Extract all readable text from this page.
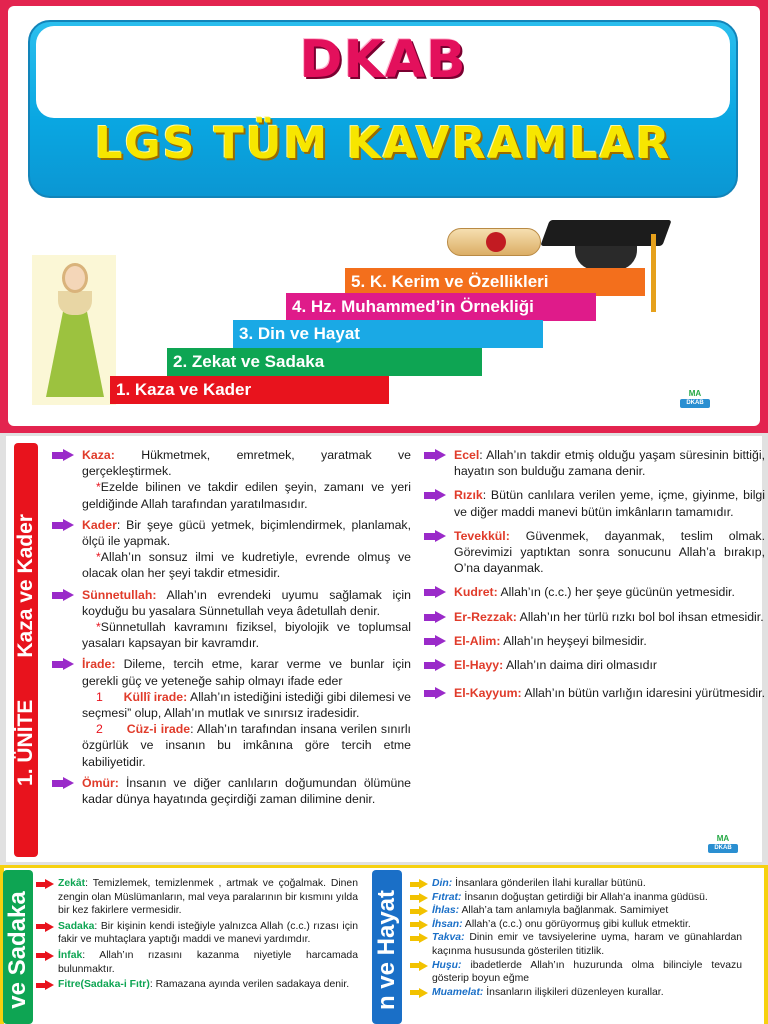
DKAB
LGS TÜM KAVRAMLAR
5. K. Kerim ve Özellikleri
4. Hz. Muhammed’in Örnekliği
3. Din ve Hayat
2. Zekat ve Sadaka
1. Kaza ve Kader	MA
DKAB
1. ÜNİTEKaza ve Kader
Kaza: Hükmetmek, emretmek, yaratmak ve gerçekleştirmek.
*Ezelde bilinen ve takdir edilen şeyin, zamanı ve yeri geldiğinde Allah tarafından yaratılmasıdır.
Kader: Bir şeye gücü yetmek, biçimlendirmek, planlamak, ölçü ile yapmak.
*Allah’ın sonsuz ilmi ve kudretiyle, evrende olmuş ve olacak olan her şeyi takdir etmesidir.
Sünnetullah: Allah’ın evrendeki uyumu sağlamak için koyduğu bu yasalara Sünnetullah veya âdetullah denir.
*Sünnetullah kavramını fiziksel, biyolojik ve toplumsal yasaları kapsayan bir kavramdır.
İrade: Dileme, tercih etme, karar verme ve bunlar için gerekli güç ve yeteneğe sahip olmayı ifade eder
1 Küllî irade: Allah’ın istediğini istediği gibi dilemesi ve seçmesi” olup, Allah’ın mutlak ve sınırsız iradesidir.
2 Cüz-i irade: Allah’ın tarafından insana verilen sınırlı özgürlük ve insanın bu imkânına göre tercih etme kabiliyetidir.
Ömür: İnsanın ve diğer canlıların doğumundan ölümüne kadar dünya hayatında geçirdiği zaman dilimine denir.
Ecel: Allah’ın takdir etmiş olduğu yaşam süresinin bittiği, hayatın son bulduğu zamana denir.
Rızık: Bütün canlılara verilen yeme, içme, giyinme, bilgi ve diğer maddi manevi bütün imkânların tamamıdır.
Tevekkül: Güvenmek, dayanmak, teslim olmak. Görevimizi yaptıktan sonra sonucunu Allah’a bırakıp, O’na dayanmak.
Kudret: Allah’ın (c.c.) her şeye gücünün yetmesidir.
Er-Rezzak: Allah’ın her türlü rızkı bol bol ihsan etmesidir.
El-Alim: Allah’ın heyşeyi bilmesidir.
El-Hayy: Allah’ın daima diri olmasıdır
El-Kayyum: Allah’ın bütün varlığın idaresini yürütmesidir.
MA
DKAB
ve Sadaka	n ve Hayat
Zekât: Temizlemek, temizlenmek , artmak ve çoğalmak. Dinen zengin olan Müslümanların, mal veya paralarının bir kısmını yılda bir kez fakirlere vermesidir.
Sadaka: Bir kişinin kendi isteğiyle yalnızca Allah (c.c.) rızası için fakir ve muhtaçlara yaptığı maddi ve manevi yardımdır.
İnfak: Allah’ın rızasını kazanma niyetiyle harcamada bulunmaktır.
Fitre(Sadaka-i Fıtr): Ramazana ayında verilen sadakaya denir.
Din: İnsanlara gönderilen İlahi kurallar bütünü.
Fıtrat: İnsanın doğuştan getirdiği bir Allah'a inanma güdüsü.
İhlas: Allah’a tam anlamıyla bağlanmak. Samimiyet
İhsan: Allah’a (c.c.) onu görüyormuş gibi kulluk etmektir.
Takva: Dinin emir ve tavsiyelerine uyma, haram ve günahlardan kaçınma hususunda gösterilen titizlik.
Huşu: ibadetlerde Allah’ın huzurunda olma bilinciyle tevazu gösterip boyun eğme
Muamelat: İnsanların ilişkileri düzenleyen kurallar.
